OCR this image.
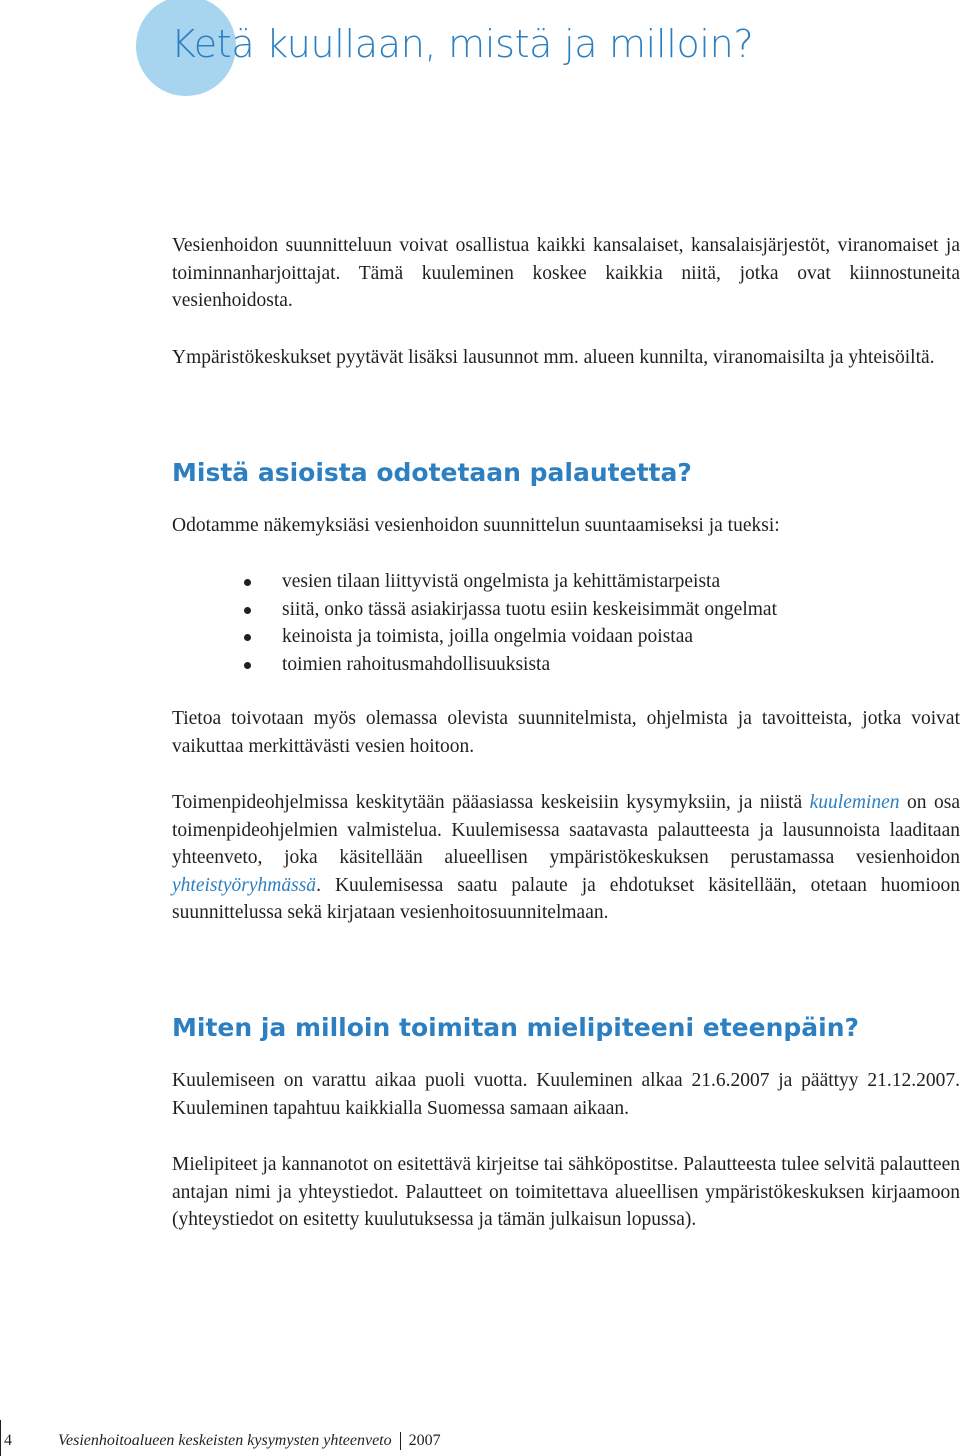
Ketä kuullaan, mistä ja milloin?

Vesienhoidon suunnitteluun voivat osallistua kaikki kansalaiset, kansalaisjärjestöt, viranomaiset ja toiminnanharjoittajat. Tämä kuuleminen koskee kaikkia niitä, jotka ovat kiinnostuneita vesienhoidosta.

Ympäristökeskukset pyytävät lisäksi lausunnot mm. alueen kunnilta, viranomaisilta ja yhteisöiltä.

Mistä asioista odotetaan palautetta?

Odotamme näkemyksiäsi vesienhoidon suunnittelun suuntaamiseksi ja tueksi:

vesien tilaan liittyvistä ongelmista ja kehittämistarpeista
siitä, onko tässä asiakirjassa tuotu esiin keskeisimmät ongelmat
keinoista ja toimista, joilla ongelmia voidaan poistaa
toimien rahoitusmahdollisuuksista

Tietoa toivotaan myös olemassa olevista suunnitelmista, ohjelmista ja tavoitteista, jotka voivat vaikuttaa merkittävästi vesien hoitoon.

Toimenpideohjelmissa keskitytään pääasiassa keskeisiin kysymyksiin, ja niistä kuuleminen on osa toimenpideohjelmien valmistelua. Kuulemisessa saatavasta palautteesta ja lausunnoista laaditaan yhteenveto, joka käsitellään alueellisen ympäristökeskuksen perustamassa vesienhoidon yhteistyöryhmässä. Kuulemisessa saatu palaute ja ehdotukset käsitellään, otetaan huomioon suunnittelussa sekä kirjataan vesienhoitosuunnitelmaan.

Miten ja milloin toimitan mielipiteeni eteenpäin?

Kuulemiseen on varattu aikaa puoli vuotta. Kuuleminen alkaa 21.6.2007 ja päättyy 21.12.2007. Kuuleminen tapahtuu kaikkialla Suomessa samaan aikaan.

Mielipiteet ja kannanotot on esitettävä kirjeitse tai sähköpostitse. Palautteesta tulee selvitä palautteen antajan nimi ja yhteystiedot. Palautteet on toimitettava alueellisen ympäristökeskuksen kirjaamoon (yhteystiedot on esitetty kuulutuksessa ja tämän julkaisun lopussa).

4	Vesienhoitoalueen keskeisten kysymysten yhteenveto 2007
